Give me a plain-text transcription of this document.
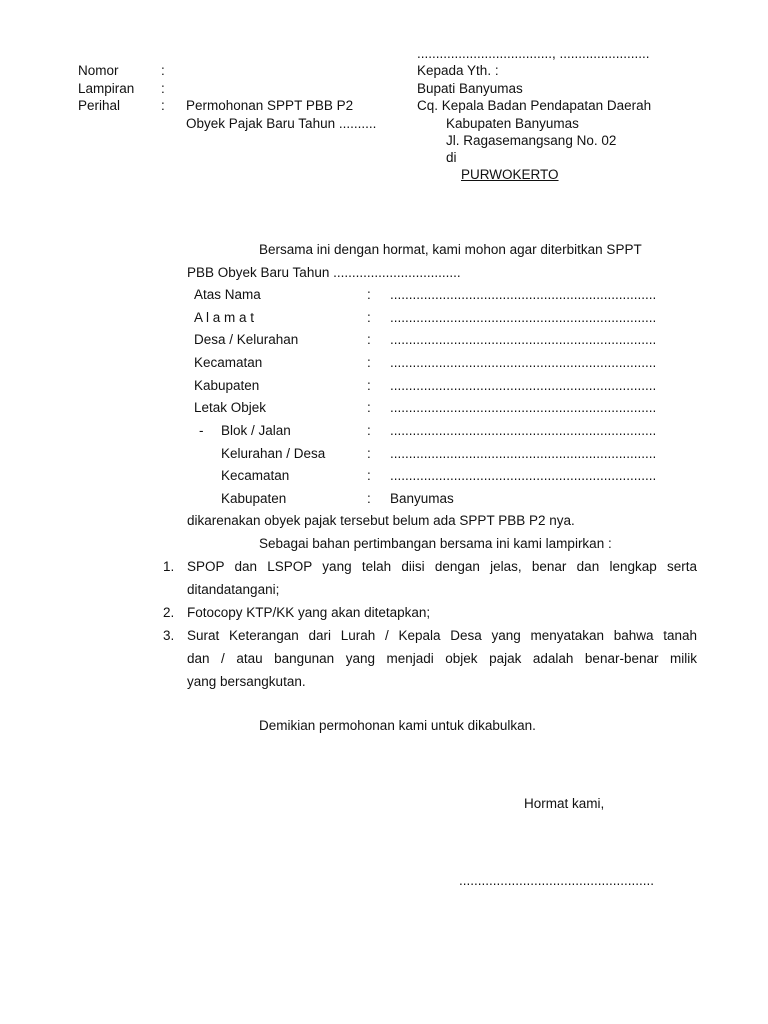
...................................., ........................
Nomor	:
Lampiran :
Perihal	: Permohonan SPPT PBB P2
Obyek Pajak Baru Tahun ..........
Kepada Yth. :
Bupati Banyumas
Cq. Kepala Badan Pendapatan Daerah
Kabupaten Banyumas
Jl. Ragasemangsang No. 02
di
PURWOKERTO
Bersama ini dengan hormat, kami mohon agar diterbitkan SPPT
PBB Obyek Baru Tahun ..................................
Atas Nama	: .......................................................................
A l a m a t	: .......................................................................
Desa / Kelurahan	: .......................................................................
Kecamatan	: .......................................................................
Kabupaten	: .......................................................................
Letak Objek	: .......................................................................
- Blok / Jalan	: .......................................................................
Kelurahan / Desa	: .......................................................................
Kecamatan	: .......................................................................
Kabupaten	: Banyumas
dikarenakan obyek pajak tersebut belum ada SPPT PBB P2 nya.
Sebagai bahan pertimbangan bersama ini kami lampirkan :
1. SPOP dan LSPOP yang telah diisi dengan jelas, benar dan lengkap serta
ditandatangani;
2. Fotocopy KTP/KK yang akan ditetapkan;
3. Surat Keterangan dari Lurah / Kepala Desa yang menyatakan bahwa tanah
dan / atau bangunan yang menjadi objek pajak adalah benar-benar milik
yang bersangkutan.
Demikian permohonan kami untuk dikabulkan.
Hormat kami,
....................................................
